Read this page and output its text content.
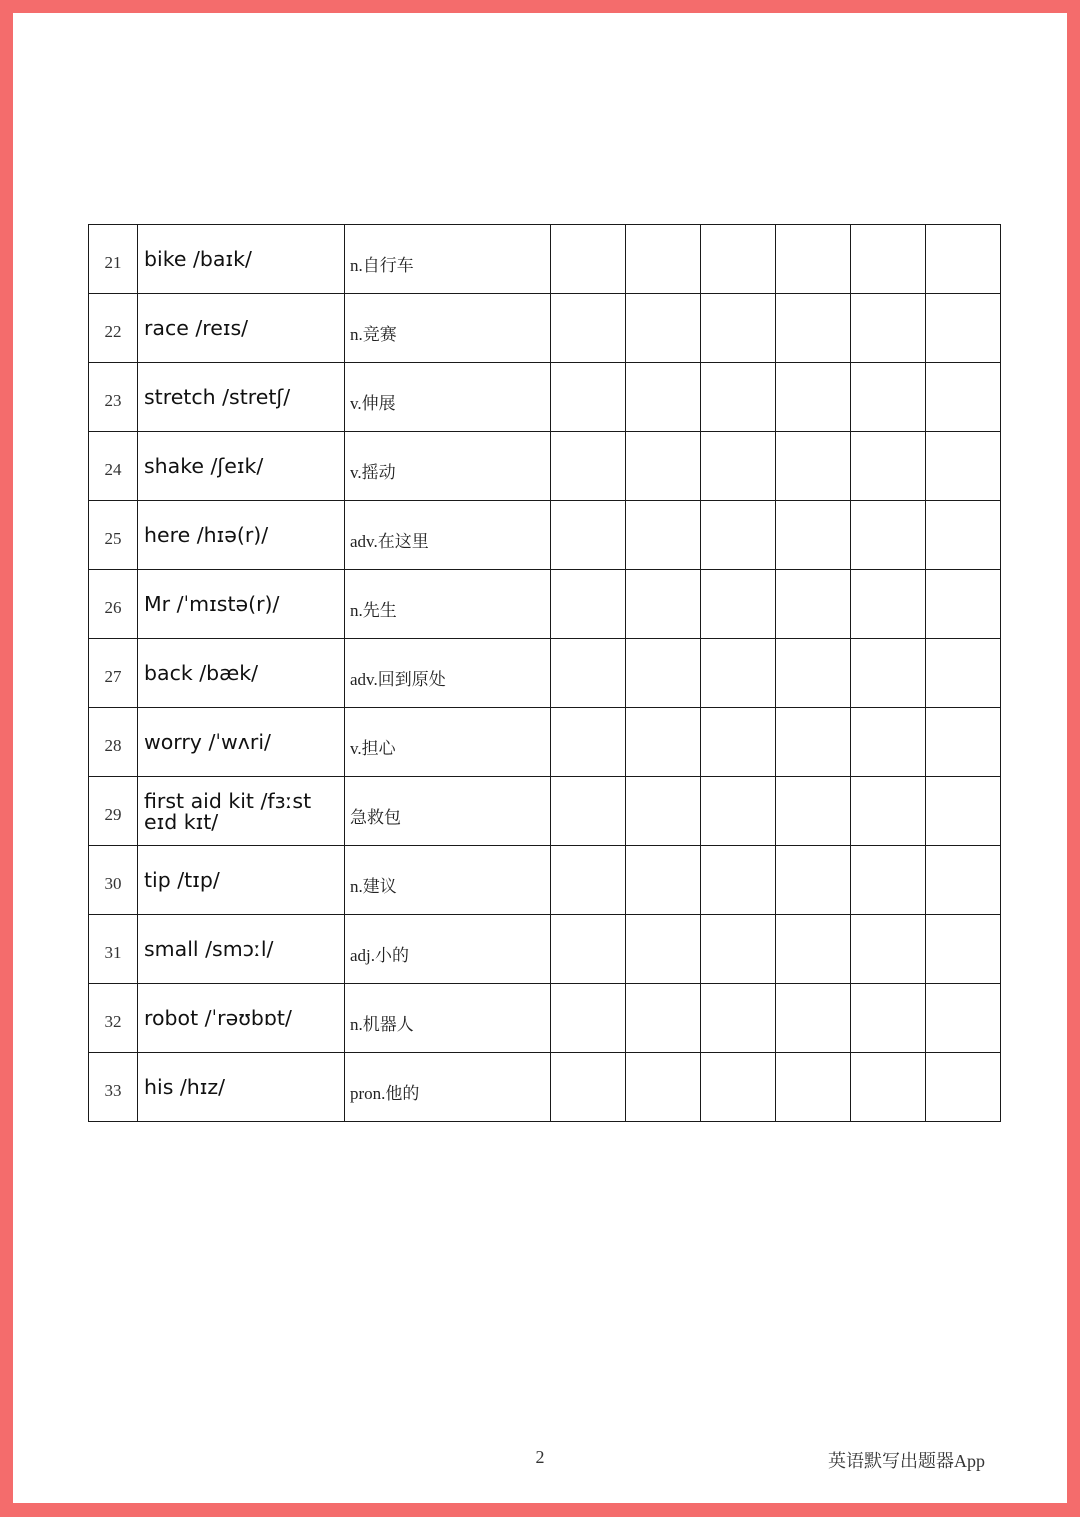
21	bike /baɪk/	n.自行车						
22	race /reɪs/	n.竞赛						
23	stretch /stretʃ/	v.伸展						
24	shake /ʃeɪk/	v.摇动						
25	here /hɪə(r)/	adv.在这里						
26	Mr /ˈmɪstə(r)/	n.先生						
27	back /bæk/	adv.回到原处						
28	worry /ˈwʌri/	v.担心						
29	first aid kit /fɜːst eɪd kɪt/	急救包						
30	tip /tɪp/	n.建议						
31	small /smɔːl/	adj.小的						
32	robot /ˈrəʊbɒt/	n.机器人						
33	his /hɪz/	pron.他的						
2	英语默写出题器App
